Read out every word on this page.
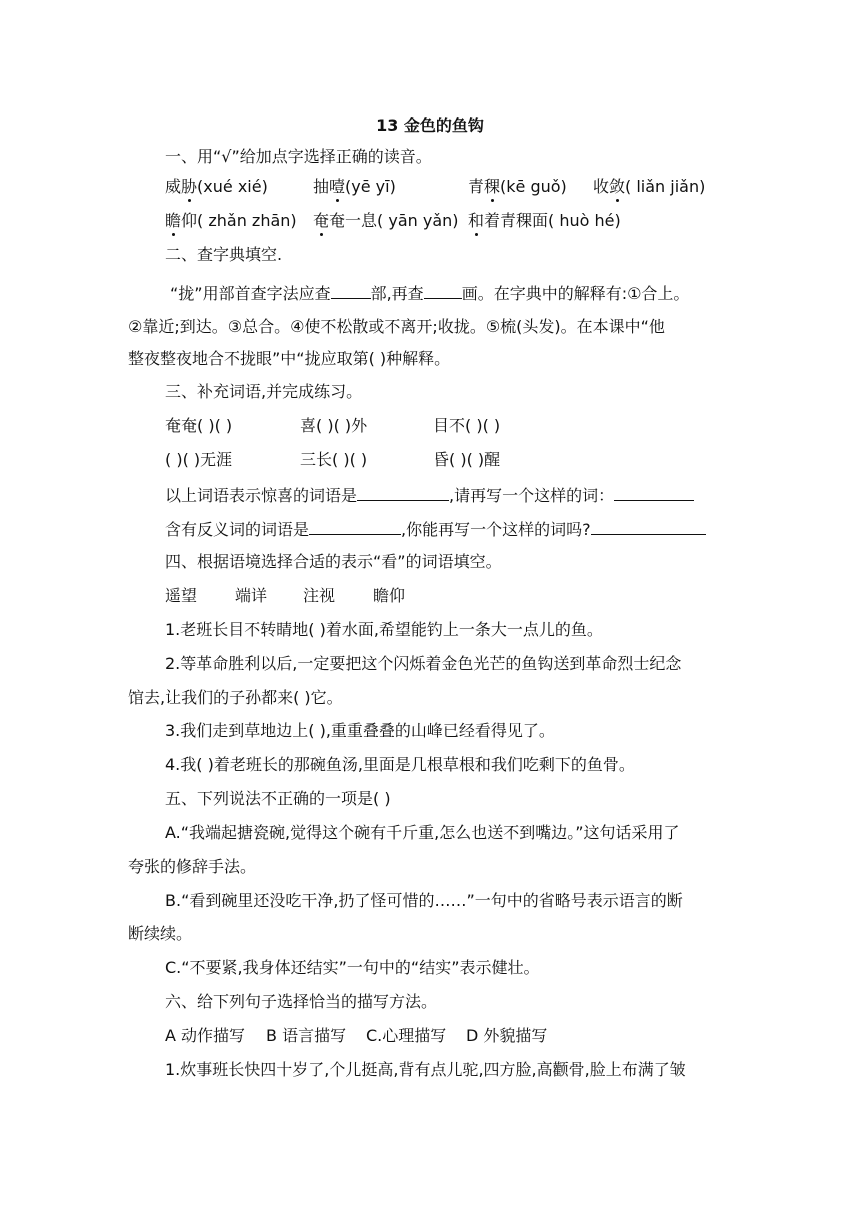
13 金色的鱼钩
一、用“√”给加点字选择正确的读音。
威胁(xué xié)	抽噎(yē yī)	青稞(kē guǒ) 收敛( liǎn jiǎn)
瞻仰( zhǎn zhān) 奄奄一息( yān yǎn) 和着青稞面( huò hé)
二、查字典填空.
“拢”用部首查字法应查	部,再查 画。在字典中的解释有:①合上。
②靠近;到达。③总合。④使不松散或不离开;收拢。⑤梳(头发)。在本课中“他
整夜整夜地合不拢眼”中“拢应取第( )种解释。
三、补充词语,并完成练习。
奄奄( )( )	喜( )( )外	目不( )( )
( )( )无涯	三长( )( )	昏( )( )醒
以上词语表示惊喜的词语是	,请再写一个这样的词：
含有反义词的词语是	,你能再写一个这样的词吗?
四、根据语境选择合适的表示“看”的词语填空。
遥望 端详 注视 瞻仰
1.老班长目不转睛地( )着水面,希望能钓上一条大一点儿的鱼。
2.等革命胜利以后,一定要把这个闪烁着金色光芒的鱼钩送到革命烈士纪念
馆去,让我们的子孙都来( )它。
3.我们走到草地边上( ),重重叠叠的山峰已经看得见了。
4.我( )着老班长的那碗鱼汤,里面是几根草根和我们吃剩下的鱼骨。
五、下列说法不正确的一项是( )
A.“我端起搪瓷碗,觉得这个碗有千斤重,怎么也送不到嘴边。”这句话采用了
夸张的修辞手法。
B.“看到碗里还没吃干净,扔了怪可惜的……”一句中的省略号表示语言的断
断续续。
C.“不要紧,我身体还结实”一句中的“结实”表示健壮。
六、给下列句子选择恰当的描写方法。
A 动作描写 B 语言描写 C.心理描写 D 外貌描写
1.炊事班长快四十岁了,个儿挺高,背有点儿驼,四方脸,高颧骨,脸上布满了皱
